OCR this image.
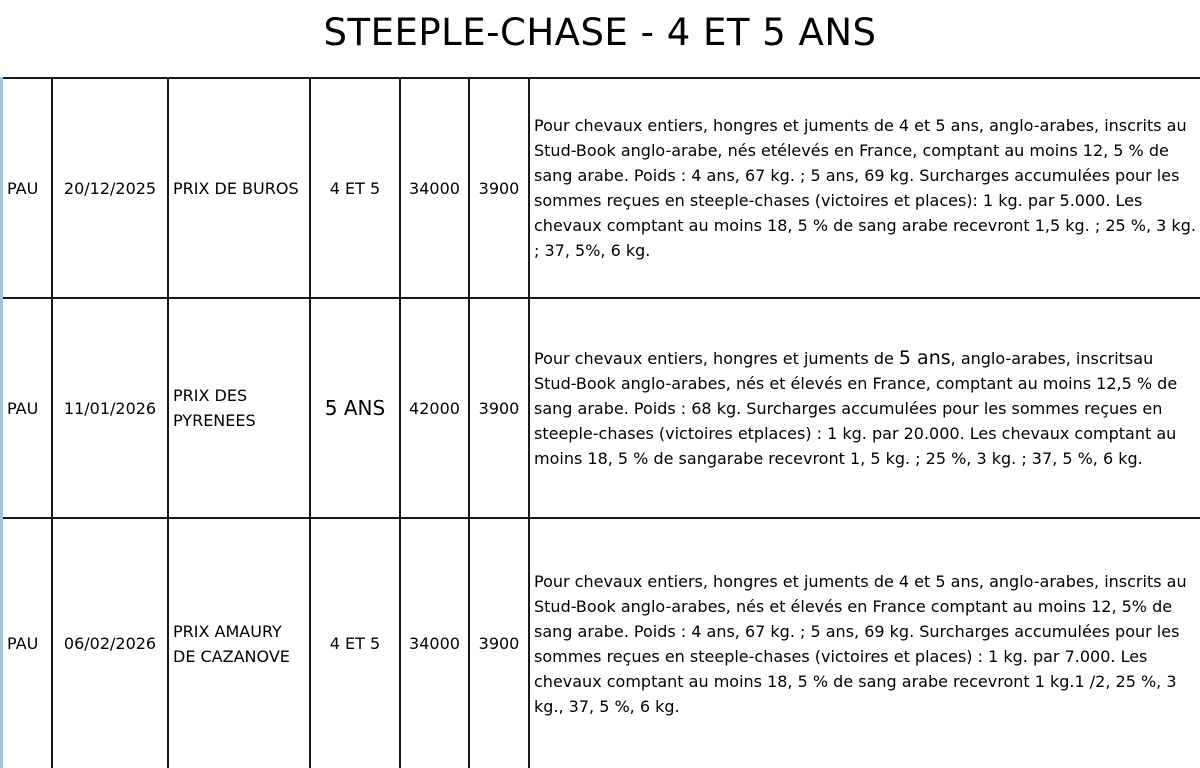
STEEPLE-CHASE - 4 ET 5 ANS
PAU	20/12/2025	PRIX DE BUROS	4 ET 5	34000	3900	Pour chevaux entiers, hongres et juments de 4 et 5 ans, anglo-arabes, inscrits au Stud-Book anglo-arabe, nés etélevés en France, comptant au moins 12, 5 % de sang arabe. Poids : 4 ans, 67 kg. ; 5 ans, 69 kg. Surcharges accumulées pour les sommes reçues en steeple-chases (victoires et places): 1 kg. par 5.000. Les chevaux comptant au moins 18, 5 % de sang arabe recevront 1,5 kg. ; 25 %, 3 kg. ; 37, 5%, 6 kg.

PAU	11/01/2026	PRIX DES PYRENEES	5 ANS	42000	3900	Pour chevaux entiers, hongres et juments de 5 ans, anglo-arabes, inscritsau Stud-Book anglo-arabes, nés et élevés en France, comptant au moins 12,5 % de sang arabe. Poids : 68 kg. Surcharges accumulées pour les sommes reçues en steeple-chases (victoires etplaces) : 1 kg. par 20.000. Les chevaux comptant au moins 18, 5 % de sangarabe recevront 1, 5 kg. ; 25 %, 3 kg. ; 37, 5 %, 6 kg.

PAU	06/02/2026	PRIX AMAURY DE CAZANOVE	4 ET 5	34000	3900	Pour chevaux entiers, hongres et juments de 4 et 5 ans, anglo-arabes, inscrits au Stud-Book anglo-arabes, nés et élevés en France comptant au moins 12, 5% de sang arabe. Poids : 4 ans, 67 kg. ; 5 ans, 69 kg. Surcharges accumulées pour les sommes reçues en steeple-chases (victoires et places) : 1 kg. par 7.000. Les chevaux comptant au moins 18, 5 % de sang arabe recevront 1 kg.1 /2, 25 %, 3 kg., 37, 5 %, 6 kg.
